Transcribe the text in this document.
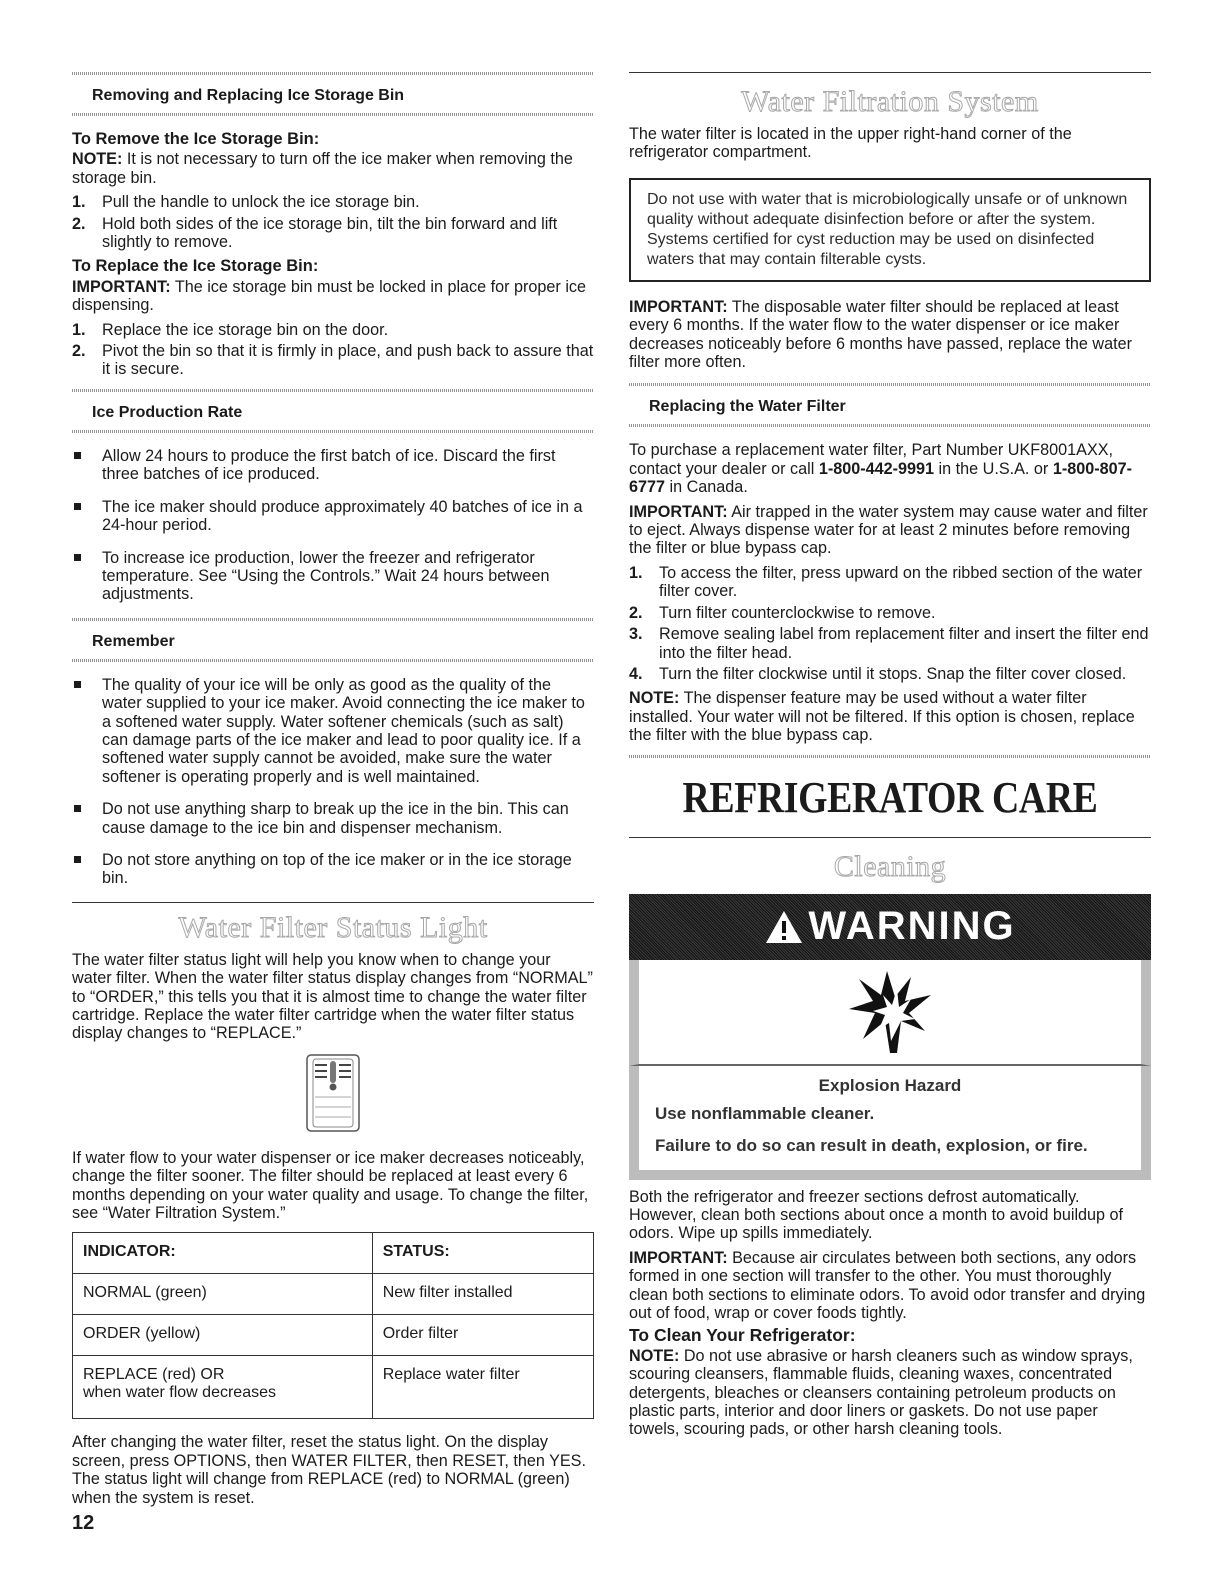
Removing and Replacing Ice Storage Bin

To Remove the Ice Storage Bin:

NOTE: It is not necessary to turn off the ice maker when removing the storage bin.

1. Pull the handle to unlock the ice storage bin.
2. Hold both sides of the ice storage bin, tilt the bin forward and lift slightly to remove.

To Replace the Ice Storage Bin:

IMPORTANT: The ice storage bin must be locked in place for proper ice dispensing.

1. Replace the ice storage bin on the door.
2. Pivot the bin so that it is firmly in place, and push back to assure that it is secure.
Ice Production Rate
Allow 24 hours to produce the first batch of ice. Discard the first three batches of ice produced.
The ice maker should produce approximately 40 batches of ice in a 24-hour period.
To increase ice production, lower the freezer and refrigerator temperature. See “Using the Controls.” Wait 24 hours between adjustments.
Remember
The quality of your ice will be only as good as the quality of the water supplied to your ice maker. Avoid connecting the ice maker to a softened water supply. Water softener chemicals (such as salt) can damage parts of the ice maker and lead to poor quality ice. If a softened water supply cannot be avoided, make sure the water softener is operating properly and is well maintained.
Do not use anything sharp to break up the ice in the bin. This can cause damage to the ice bin and dispenser mechanism.
Do not store anything on top of the ice maker or in the ice storage bin.
Water Filter Status Light

The water filter status light will help you know when to change your water filter. When the water filter status display changes from “NORMAL” to “ORDER,” this tells you that it is almost time to change the water filter cartridge. Replace the water filter cartridge when the water filter status display changes to “REPLACE.”

If water flow to your water dispenser or ice maker decreases noticeably, change the filter sooner. The filter should be replaced at least every 6 months depending on your water quality and usage. To change the filter, see “Water Filtration System.”

INDICATOR:	STATUS:
NORMAL (green)	New filter installed
ORDER (yellow)	Order filter
REPLACE (red) OR
when water flow decreases	Replace water filter

After changing the water filter, reset the status light. On the display screen, press OPTIONS, then WATER FILTER, then RESET, then YES. The status light will change from REPLACE (red) to NORMAL (green) when the system is reset.

Water Filtration System

The water filter is located in the upper right-hand corner of the refrigerator compartment.

Do not use with water that is microbiologically unsafe or of unknown quality without adequate disinfection before or after the system. Systems certified for cyst reduction may be used on disinfected waters that may contain filterable cysts.

IMPORTANT: The disposable water filter should be replaced at least every 6 months. If the water flow to the water dispenser or ice maker decreases noticeably before 6 months have passed, replace the water filter more often.

Replacing the Water Filter

To purchase a replacement water filter, Part Number UKF8001AXX, contact your dealer or call 1-800-442-9991 in the U.S.A. or 1-800-807-6777 in Canada.

IMPORTANT: Air trapped in the water system may cause water and filter to eject. Always dispense water for at least 2 minutes before removing the filter or blue bypass cap.

1. To access the filter, press upward on the ribbed section of the water filter cover.
2. Turn filter counterclockwise to remove.
3. Remove sealing label from replacement filter and insert the filter end into the filter head.
4. Turn the filter clockwise until it stops. Snap the filter cover closed.

NOTE: The dispenser feature may be used without a water filter installed. Your water will not be filtered. If this option is chosen, replace the filter with the blue bypass cap.

REFRIGERATOR CARE
Cleaning
WARNING
Explosion Hazard
Use nonflammable cleaner.
Failure to do so can result in death, explosion, or fire.

Both the refrigerator and freezer sections defrost automatically. However, clean both sections about once a month to avoid buildup of odors. Wipe up spills immediately.

IMPORTANT: Because air circulates between both sections, any odors formed in one section will transfer to the other. You must thoroughly clean both sections to eliminate odors. To avoid odor transfer and drying out of food, wrap or cover foods tightly.

To Clean Your Refrigerator:

NOTE: Do not use abrasive or harsh cleaners such as window sprays, scouring cleansers, flammable fluids, cleaning waxes, concentrated detergents, bleaches or cleansers containing petroleum products on plastic parts, interior and door liners or gaskets. Do not use paper towels, scouring pads, or other harsh cleaning tools.

12
